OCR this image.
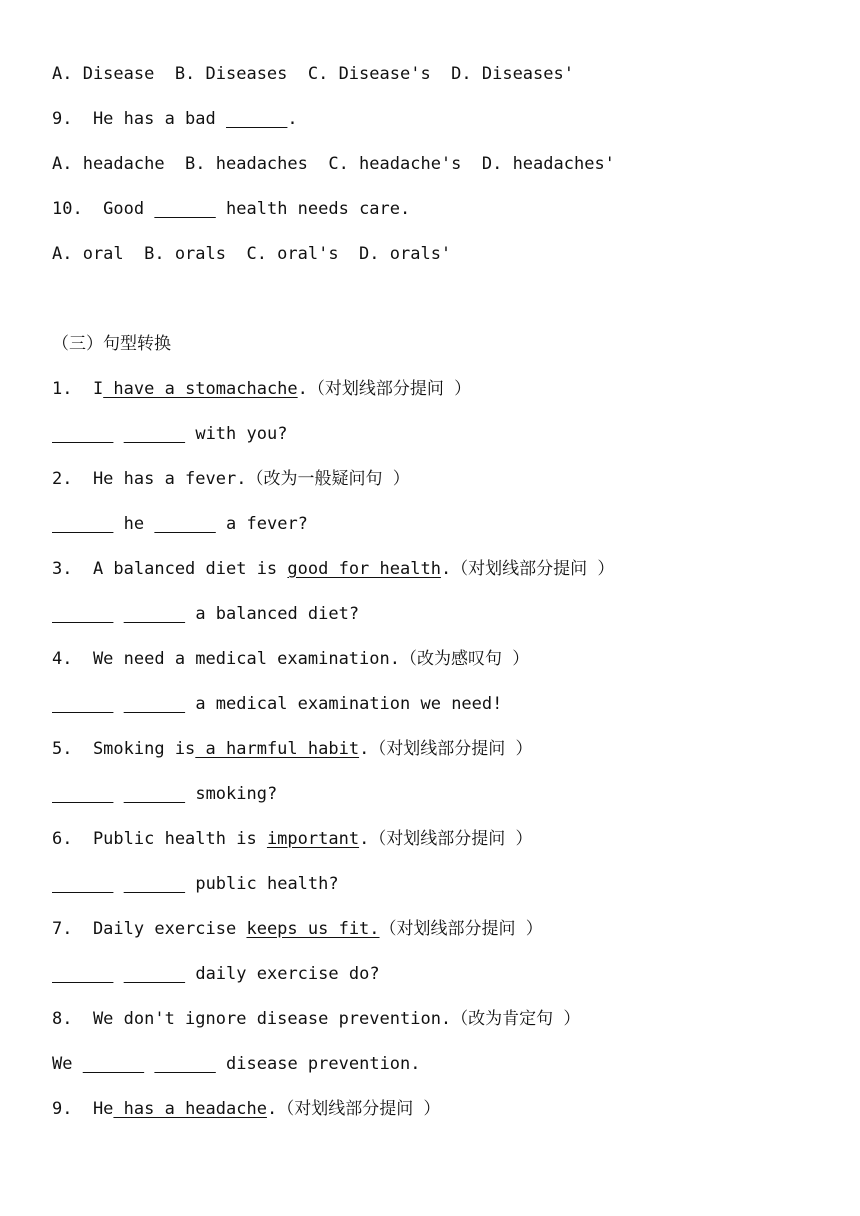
A. Disease  B. Diseases  C. Disease's  D. Diseases'
9.  He has a bad	.
A. headache  B. headaches  C. headache's  D. headaches'
10.  Good	health needs care.
A. oral  B. orals  C. oral's  D. orals'
（三）句型转换
1.  I have a stomachache.（对划线部分提问 ）
with you?
2.  He has a fever.（改为一般疑问句 ）
he	a fever?
3.  A balanced diet is good for health.（对划线部分提问 ）
a balanced diet?
4.  We need a medical examination.（改为感叹句 ）
a medical examination we need!
5.  Smoking is a harmful habit.（对划线部分提问 ）
smoking?
6.  Public health is important.（对划线部分提问 ）
public health?
7.  Daily exercise keeps us fit.（对划线部分提问 ）
daily exercise do?
8.  We don't ignore disease prevention.（改为肯定句 ）
We	disease prevention.
9.  He has a headache.（对划线部分提问 ）
